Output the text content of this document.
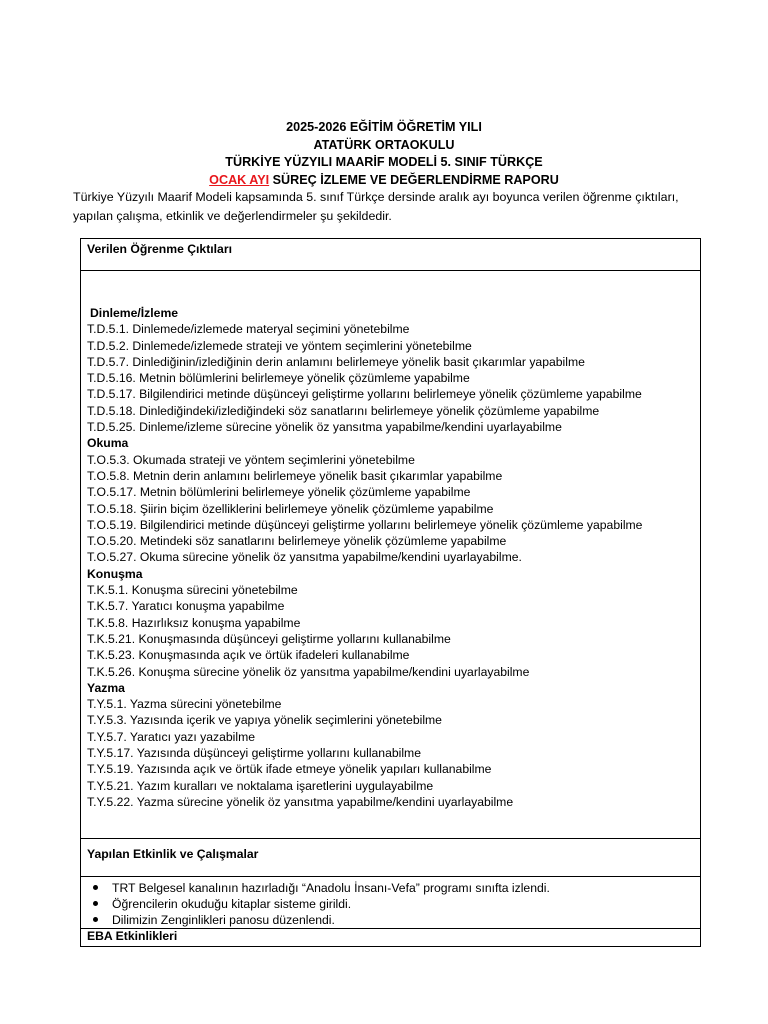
2025-2026 EĞİTİM ÖĞRETİM YILI
ATATÜRK ORTAOKULU
TÜRKİYE YÜZYILI MAARİF MODELİ 5. SINIF TÜRKÇE
OCAK AYI SÜREÇ İZLEME VE DEĞERLENDİRME RAPORU
Türkiye Yüzyılı Maarif Modeli kapsamında 5. sınıf Türkçe dersinde aralık ayı boyunca verilen öğrenme çıktıları, yapılan çalışma, etkinlik ve değerlendirmeler şu şekildedir.
Verilen Öğrenme Çıktıları
Dinleme/İzleme
T.D.5.1. Dinlemede/izlemede materyal seçimini yönetebilme
T.D.5.2. Dinlemede/izlemede strateji ve yöntem seçimlerini yönetebilme
T.D.5.7. Dinlediğinin/izlediğinin derin anlamını belirlemeye yönelik basit çıkarımlar yapabilme
T.D.5.16. Metnin bölümlerini belirlemeye yönelik çözümleme yapabilme
T.D.5.17. Bilgilendirici metinde düşünceyi geliştirme yollarını belirlemeye yönelik çözümleme yapabilme
T.D.5.18. Dinlediğindeki/izlediğindeki söz sanatlarını belirlemeye yönelik çözümleme yapabilme
T.D.5.25. Dinleme/izleme sürecine yönelik öz yansıtma yapabilme/kendini uyarlayabilme
Okuma
T.O.5.3. Okumada strateji ve yöntem seçimlerini yönetebilme
T.O.5.8. Metnin derin anlamını belirlemeye yönelik basit çıkarımlar yapabilme
T.O.5.17. Metnin bölümlerini belirlemeye yönelik çözümleme yapabilme
T.O.5.18. Şiirin biçim özelliklerini belirlemeye yönelik çözümleme yapabilme
T.O.5.19. Bilgilendirici metinde düşünceyi geliştirme yollarını belirlemeye yönelik çözümleme yapabilme
T.O.5.20. Metindeki söz sanatlarını belirlemeye yönelik çözümleme yapabilme
T.O.5.27. Okuma sürecine yönelik öz yansıtma yapabilme/kendini uyarlayabilme.
Konuşma
T.K.5.1. Konuşma sürecini yönetebilme
T.K.5.7. Yaratıcı konuşma yapabilme
T.K.5.8. Hazırlıksız konuşma yapabilme
T.K.5.21. Konuşmasında düşünceyi geliştirme yollarını kullanabilme
T.K.5.23. Konuşmasında açık ve örtük ifadeleri kullanabilme
T.K.5.26. Konuşma sürecine yönelik öz yansıtma yapabilme/kendini uyarlayabilme
Yazma
T.Y.5.1. Yazma sürecini yönetebilme
T.Y.5.3. Yazısında içerik ve yapıya yönelik seçimlerini yönetebilme
T.Y.5.7. Yaratıcı yazı yazabilme
T.Y.5.17. Yazısında düşünceyi geliştirme yollarını kullanabilme
T.Y.5.19. Yazısında açık ve örtük ifade etmeye yönelik yapıları kullanabilme
T.Y.5.21. Yazım kuralları ve noktalama işaretlerini uygulayabilme
T.Y.5.22. Yazma sürecine yönelik öz yansıtma yapabilme/kendini uyarlayabilme
Yapılan Etkinlik ve Çalışmalar
TRT Belgesel kanalının hazırladığı “Anadolu İnsanı-Vefa” programı sınıfta izlendi.
Öğrencilerin okuduğu kitaplar sisteme girildi.
Dilimizin Zenginlikleri panosu düzenlendi.
EBA Etkinlikleri
